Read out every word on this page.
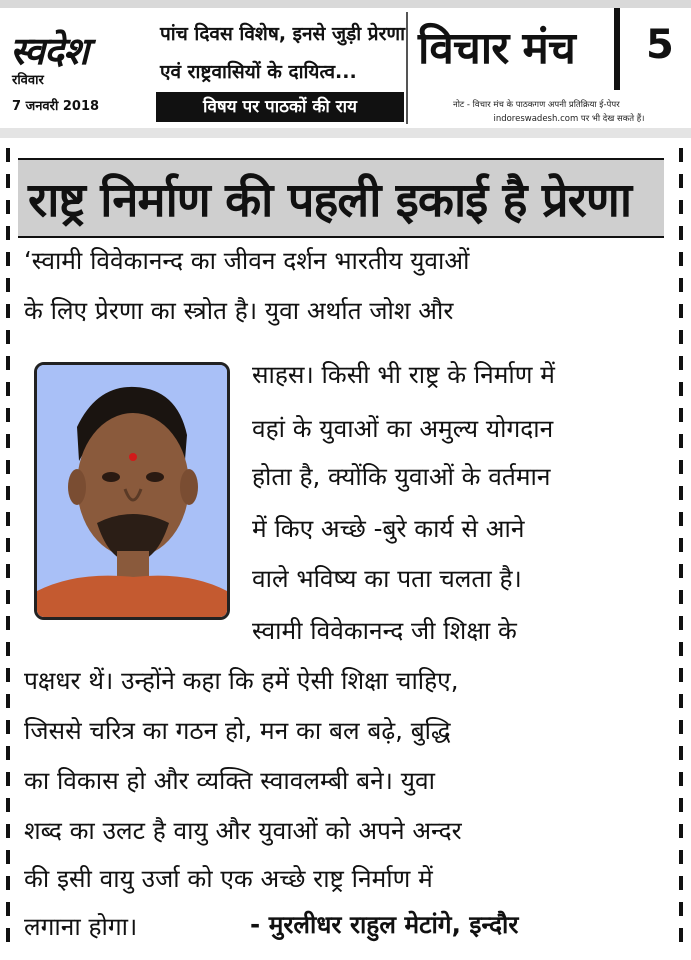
स्वदेश
रविवार
7 जनवरी 2018
पांच दिवस विशेष, इनसे जुड़ी प्रेरणा
एवं राष्ट्रवासियों के दायित्व...
विषय पर पाठकों की राय
विचार मंच 5
नोट - विचार मंच के पाठकगण अपनी प्रतिक्रिया ई-पेपर
indoreswadesh.com पर भी देख सकते हैं।
राष्ट्र निर्माण की पहली इकाई है प्रेरणा
‘स्वामी विवेकानन्द का जीवन दर्शन भारतीय युवाओं
के लिए प्रेरणा का स्त्रोत है। युवा अर्थात जोश और
साहस। किसी भी राष्ट्र के निर्माण में
वहां के युवाओं का अमुल्य योगदान
होता है, क्योंकि युवाओं के वर्तमान
में किए अच्छे -बुरे कार्य से आने
वाले भविष्य का पता चलता है।
स्वामी विवेकानन्द जी शिक्षा के
पक्षधर थें। उन्होंने कहा कि हमें ऐसी शिक्षा चाहिए,
जिससे चरित्र का गठन हो, मन का बल बढ़े, बुद्धि
का विकास हो और व्यक्ति स्वावलम्बी बने। युवा
शब्द का उलट है वायु और युवाओं को अपने अन्दर
की इसी वायु उर्जा को एक अच्छे राष्ट्र निर्माण में
लगाना होगा।	- मुरलीधर राहुल मेटांगे, इन्दौर
